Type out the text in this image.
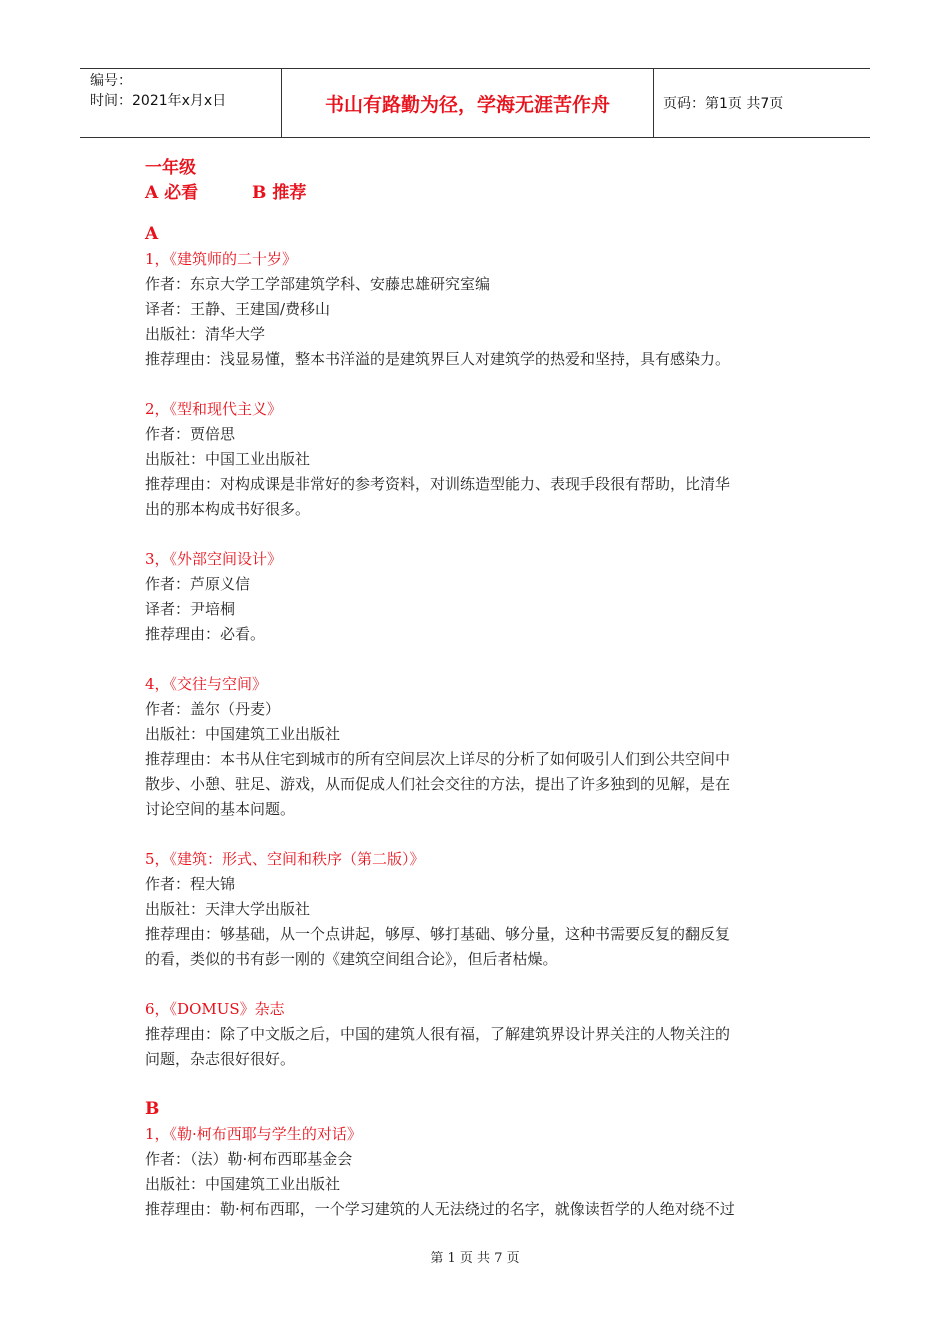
编号：
时间：2021年x月x日	书山有路勤为径，学海无涯苦作舟	页码：第1页 共7页
一年级
A 必看	B 推荐
A
1，《建筑师的二十岁》
作者：东京大学工学部建筑学科、安藤忠雄研究室编
译者：王静、王建国/费移山
出版社：清华大学
推荐理由：浅显易懂，整本书洋溢的是建筑界巨人对建筑学的热爱和坚持，具有感染力。
2，《型和现代主义》
作者：贾倍思
出版社：中国工业出版社
推荐理由：对构成课是非常好的参考资料，对训练造型能力、表现手段很有帮助，比清华
出的那本构成书好很多。
3，《外部空间设计》
作者：芦原义信
译者：尹培桐
推荐理由：必看。
4，《交往与空间》
作者：盖尔（丹麦）
出版社：中国建筑工业出版社
推荐理由：本书从住宅到城市的所有空间层次上详尽的分析了如何吸引人们到公共空间中
散步、小憩、驻足、游戏，从而促成人们社会交往的方法，提出了许多独到的见解，是在
讨论空间的基本问题。
5，《建筑：形式、空间和秩序（第二版）》
作者：程大锦
出版社：天津大学出版社
推荐理由：够基础，从一个点讲起，够厚、够打基础、够分量，这种书需要反复的翻反复
的看，类似的书有彭一刚的《建筑空间组合论》，但后者枯燥。
6，《DOMUS》杂志
推荐理由：除了中文版之后，中国的建筑人很有福，了解建筑界设计界关注的人物关注的
问题，杂志很好很好。
B
1，《勒·柯布西耶与学生的对话》
作者：（法）勒·柯布西耶基金会
出版社：中国建筑工业出版社
推荐理由：勒·柯布西耶，一个学习建筑的人无法绕过的名字，就像读哲学的人绝对绕不过
第 1 页 共 7 页
